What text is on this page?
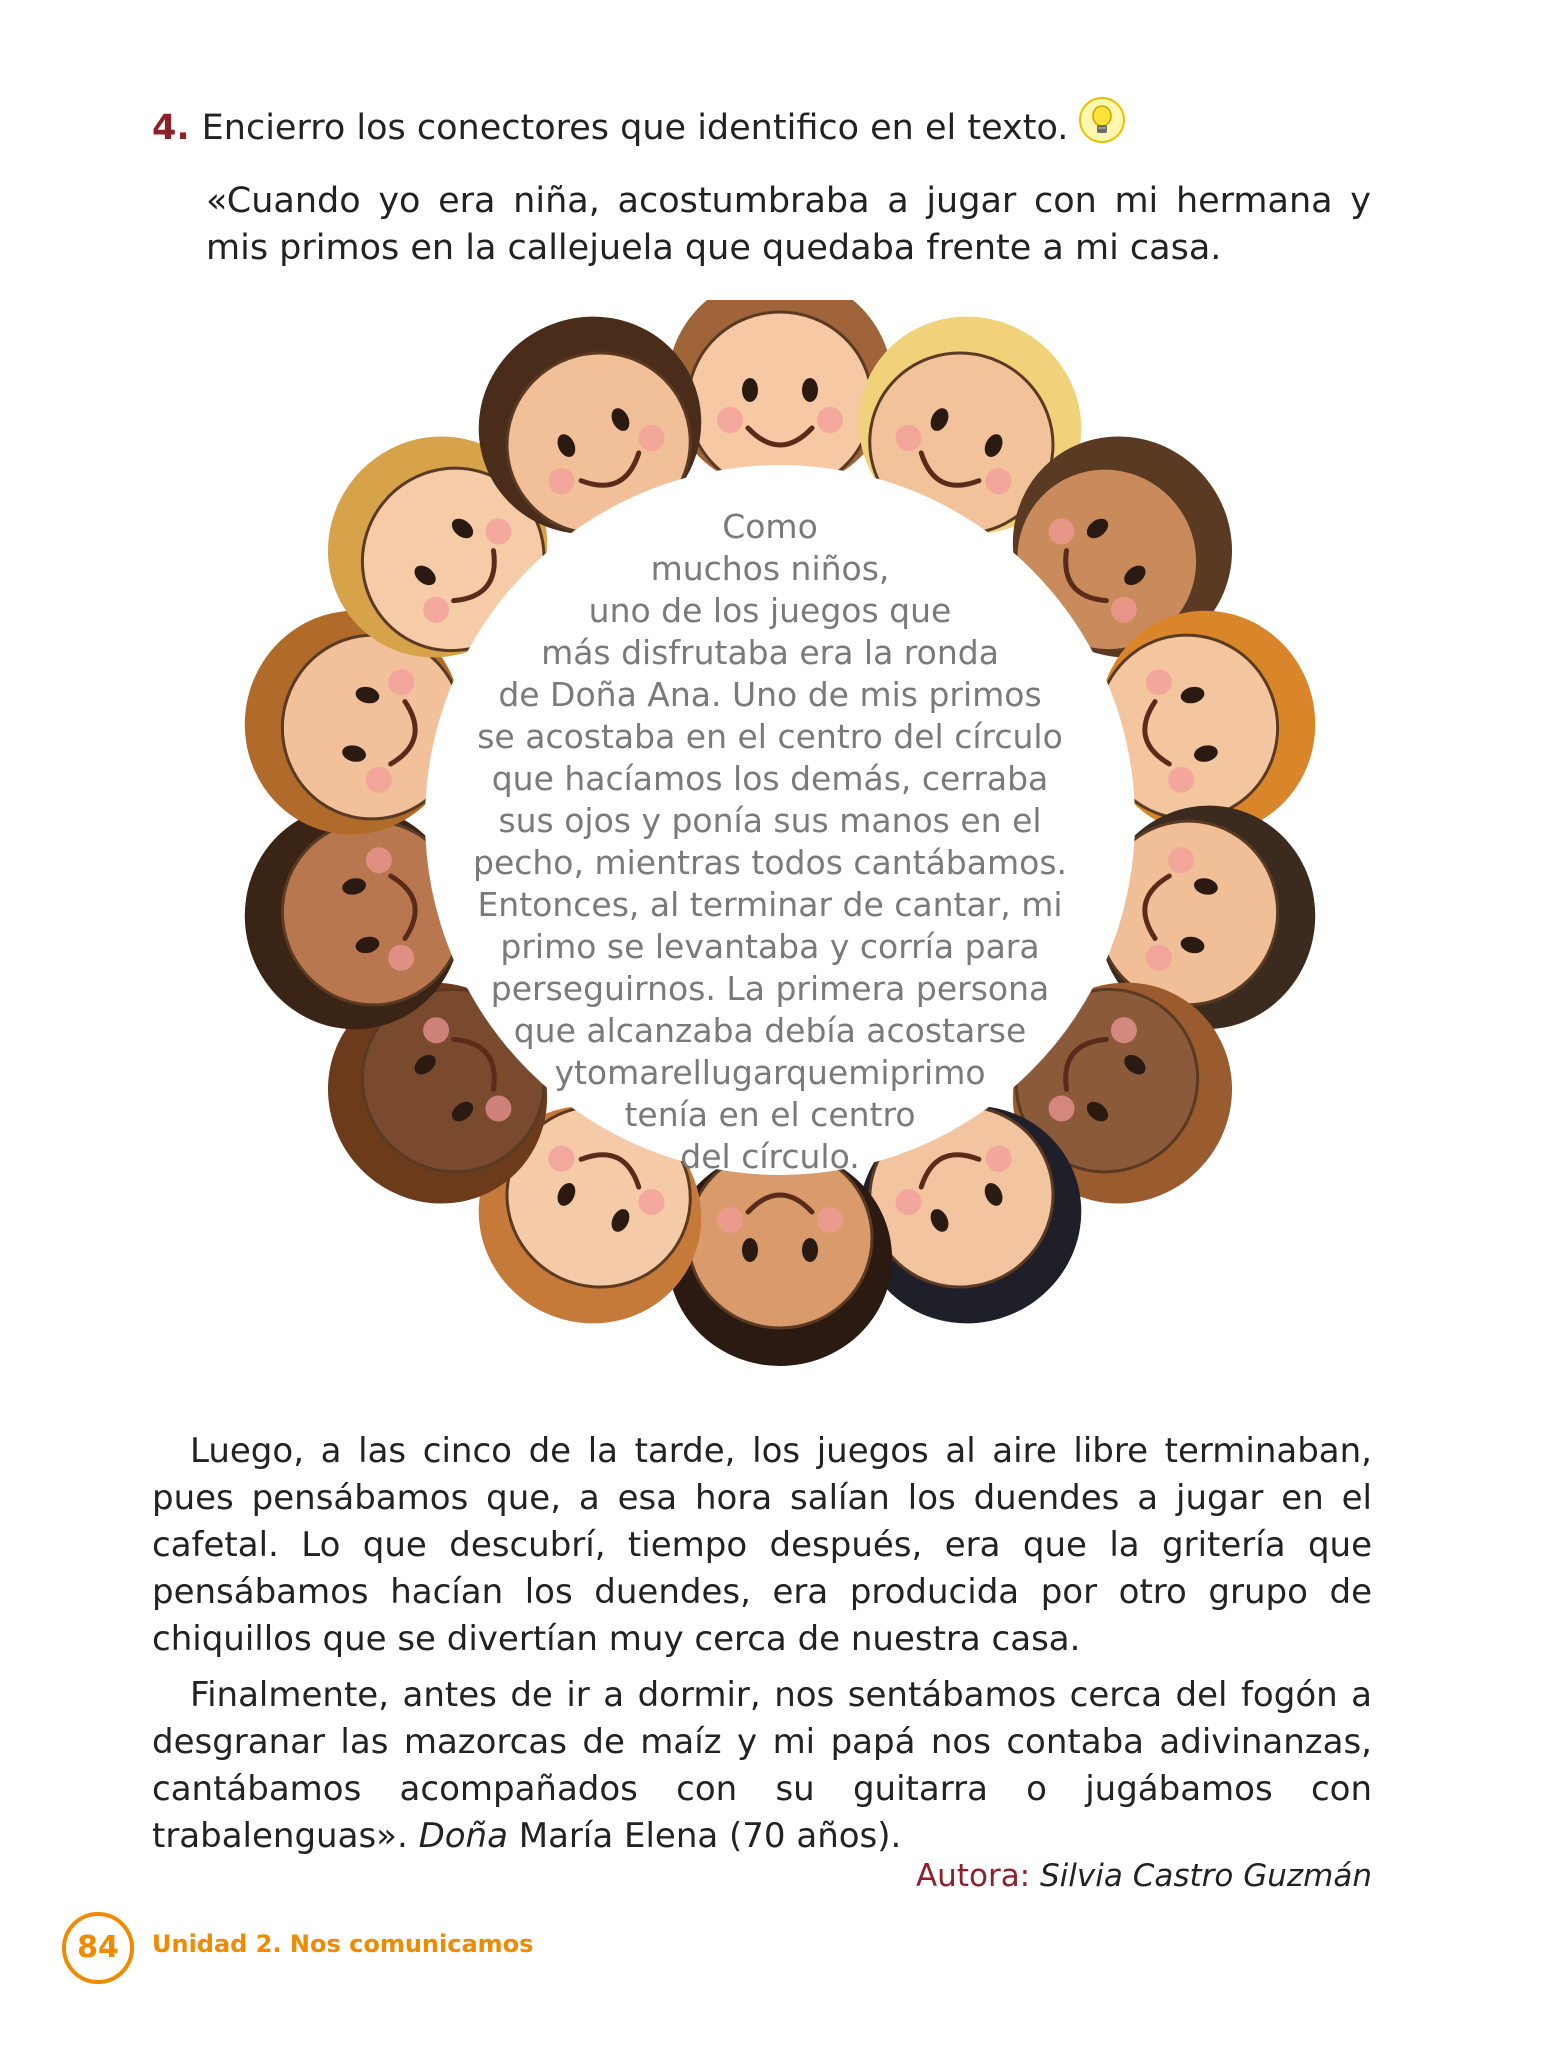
4. Encierro los conectores que identifico en el texto.
«Cuando yo era niña, acostumbraba a jugar con mi hermana y
mis primos en la callejuela que quedaba frente a mi casa.
Como
muchos niños,
uno de los juegos que
más disfrutaba era la ronda
de Doña Ana. Uno de mis primos
se acostaba en el centro del círculo
que hacíamos los demás, cerraba
sus ojos y ponía sus manos en el
pecho, mientras todos cantábamos.
Entonces, al terminar de cantar, mi
primo se levantaba y corría para
perseguirnos. La primera persona
que alcanzaba debía acostarse
ytomarellugarquemiprimo
tenía en el centro
del círculo.

Luego, a las cinco de la tarde, los juegos al aire libre terminaban, pues pensábamos que, a esa hora salían los duendes a jugar en el cafetal. Lo que descubrí, tiempo después, era que la gritería que pensábamos hacían los duendes, era producida por otro grupo de chiquillos que se divertían muy cerca de nuestra casa.

Finalmente, antes de ir a dormir, nos sentábamos cerca del fogón a desgranar las mazorcas de maíz y mi papá nos contaba adivinanzas, cantábamos acompañados con su guitarra o jugábamos con trabalenguas». Doña María Elena (70 años).

Autora: Silvia Castro Guzmán
84	Unidad 2. Nos comunicamos
